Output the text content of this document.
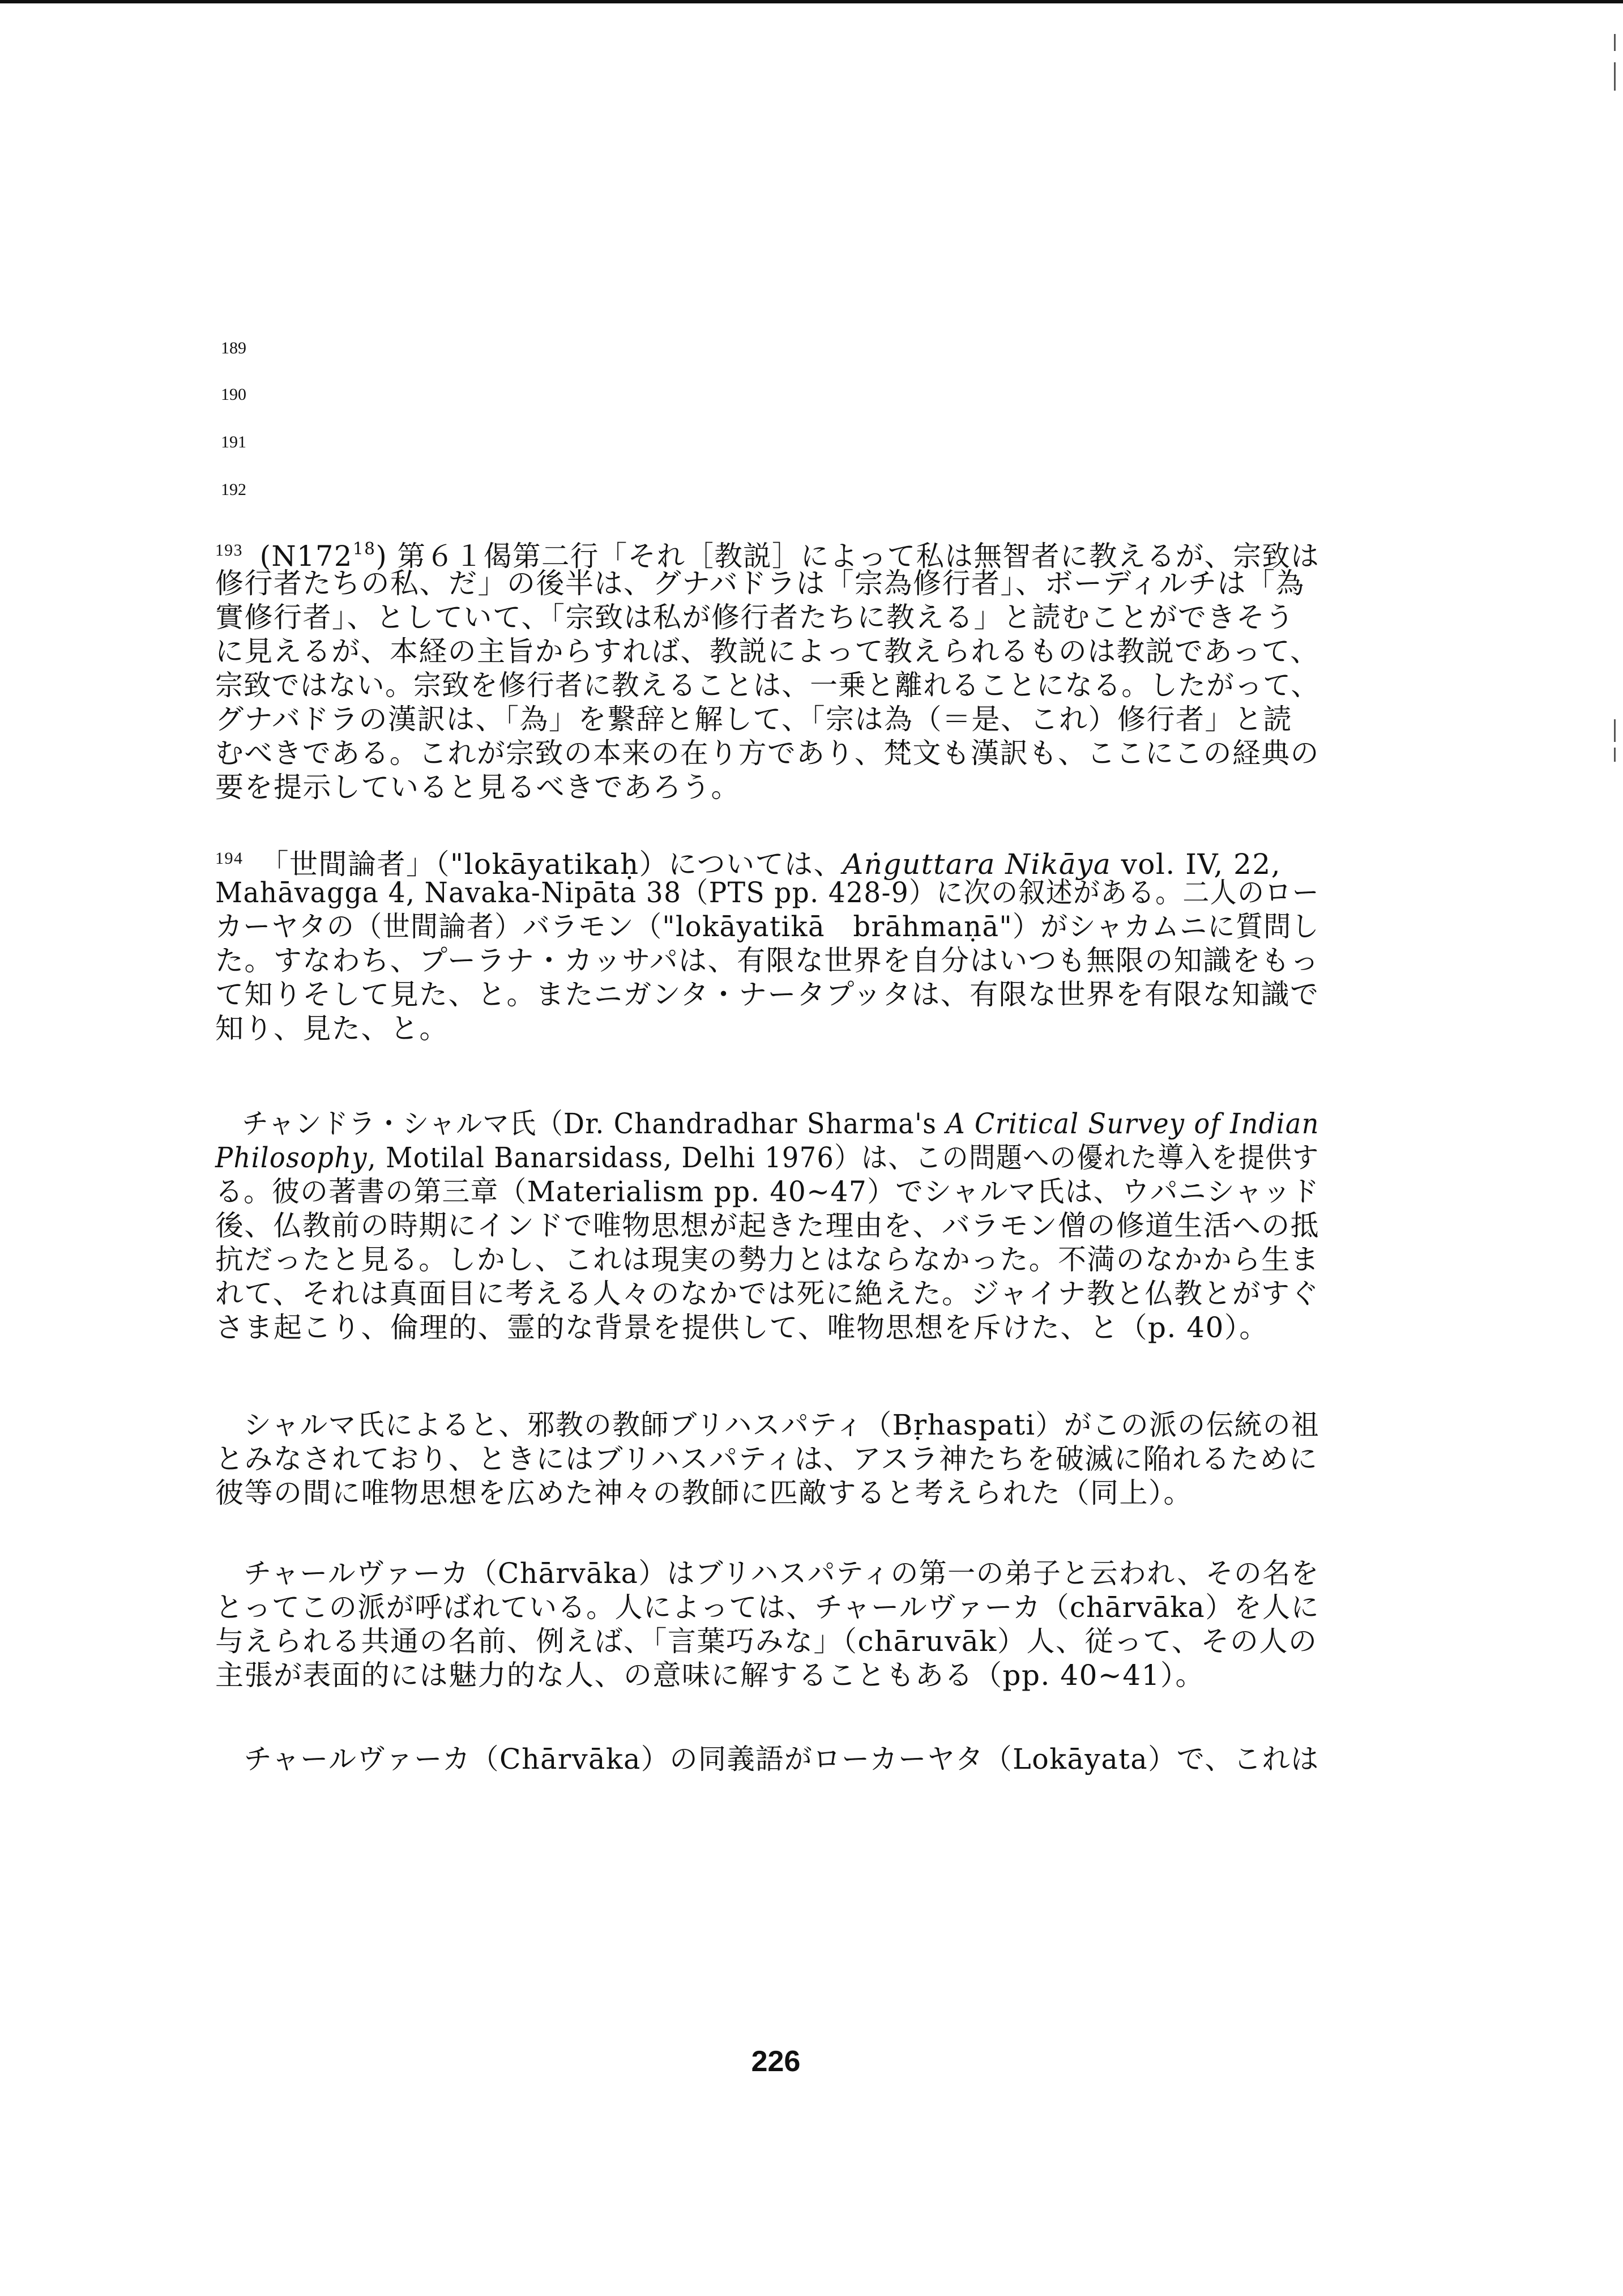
189
190
191
192
$^{193}$ $(N172^{18})$ 第６１偈第二行「それ［教説］によって私は無智者に教えるが、宗致は
修行者たちの私、だ」の後半は、グナバドラは「宗為修行者」、ボーディルチは「為
實修行者」、としていて、「宗致は私が修行者たちに教える」と読むことができそう
に見えるが、本経の主旨からすれば、教説によって教えられるものは教説であって、
宗致ではない。宗致を修行者に教えることは、一乗と離れることになる。したがって、
グナバドラの漢訳は、「為」を繋辞と解して、「宗は為（＝是、これ）修行者」と読
むべきである。これが宗致の本来の在り方であり、梵文も漢訳も、ここにこの経典の
要を提示していると見るべきであろう。
$^{194}$ 「世間論者」（"lokāyatikaḥ）については、Aṅguttara Nikāya vol. IV, 22,
Mahāvagga 4, Navaka-Nipāta 38（PTS pp. 428-9）に次の叙述がある。二人のロー
カーヤタの（世間論者）バラモン（"lokāyatikā　brāhmaṇā"）がシャカムニに質問し
た。すなわち、プーラナ・カッサパは、有限な世界を自分はいつも無限の知識をもっ
て知りそして見た、と。またニガンタ・ナータプッタは、有限な世界を有限な知識で
知り、見た、と。
　チャンドラ・シャルマ氏（Dr. Chandradhar Sharma's A Critical Survey of Indian
Philosophy, Motilal Banarsidass, Delhi 1976）は、この問題への優れた導入を提供す
る。彼の著書の第三章（Materialism pp. 40~47）でシャルマ氏は、ウパニシャッド
後、仏教前の時期にインドで唯物思想が起きた理由を、バラモン僧の修道生活への抵
抗だったと見る。しかし、これは現実の勢力とはならなかった。不満のなかから生ま
れて、それは真面目に考える人々のなかでは死に絶えた。ジャイナ教と仏教とがすぐ
さま起こり、倫理的、霊的な背景を提供して、唯物思想を斥けた、と（p. 40）。
　シャルマ氏によると、邪教の教師ブリハスパティ（Bṛhaspati）がこの派の伝統の祖
とみなされており、ときにはブリハスパティは、アスラ神たちを破滅に陥れるために
彼等の間に唯物思想を広めた神々の教師に匹敵すると考えられた（同上）。
　チャールヴァーカ（Chārvāka）はブリハスパティの第一の弟子と云われ、その名を
とってこの派が呼ばれている。人によっては、チャールヴァーカ（chārvāka）を人に
与えられる共通の名前、例えば、「言葉巧みな」（chāruvāk）人、従って、その人の
主張が表面的には魅力的な人、の意味に解することもある（pp. 40~41）。
　チャールヴァーカ（Chārvāka）の同義語がローカーヤタ（Lokāyata）で、これは
226
